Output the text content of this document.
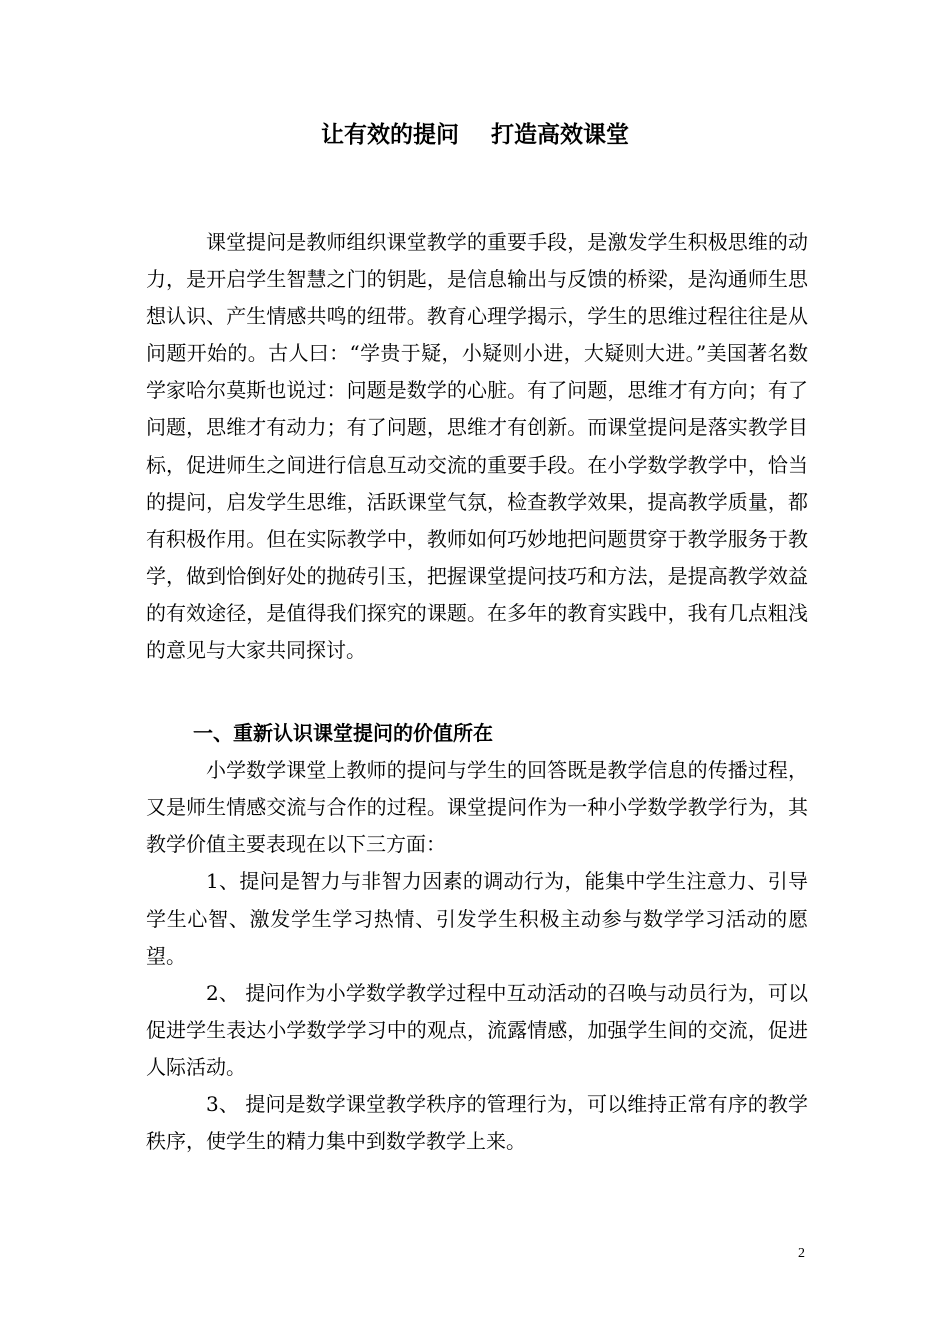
让有效的提问    打造高效课堂

课堂提问是教师组织课堂教学的重要手段，是激发学生积极思维的动力，是开启学生智慧之门的钥匙，是信息输出与反馈的桥梁，是沟通师生思想认识、产生情感共鸣的纽带。教育心理学揭示，学生的思维过程往往是从问题开始的。古人曰：“学贵于疑，小疑则小进，大疑则大进。”美国著名数学家哈尔莫斯也说过：问题是数学的心脏。有了问题，思维才有方向；有了问题，思维才有动力；有了问题，思维才有创新。而课堂提问是落实教学目标，促进师生之间进行信息互动交流的重要手段。在小学数学教学中，恰当的提问，启发学生思维，活跃课堂气氛，检查教学效果，提高教学质量，都有积极作用。但在实际教学中，教师如何巧妙地把问题贯穿于教学服务于教学，做到恰倒好处的抛砖引玉，把握课堂提问技巧和方法，是提高教学效益的有效途径，是值得我们探究的课题。在多年的教育实践中，我有几点粗浅的意见与大家共同探讨。

一、重新认识课堂提问的价值所在

小学数学课堂上教师的提问与学生的回答既是教学信息的传播过程，又是师生情感交流与合作的过程。课堂提问作为一种小学数学教学行为，其教学价值主要表现在以下三方面：

1、提问是智力与非智力因素的调动行为，能集中学生注意力、引导学生心智、激发学生学习热情、引发学生积极主动参与数学学习活动的愿望。

2、 提问作为小学数学教学过程中互动活动的召唤与动员行为，可以促进学生表达小学数学学习中的观点，流露情感，加强学生间的交流，促进人际活动。

3、 提问是数学课堂教学秩序的管理行为，可以维持正常有序的教学秩序，使学生的精力集中到数学教学上来。

2
